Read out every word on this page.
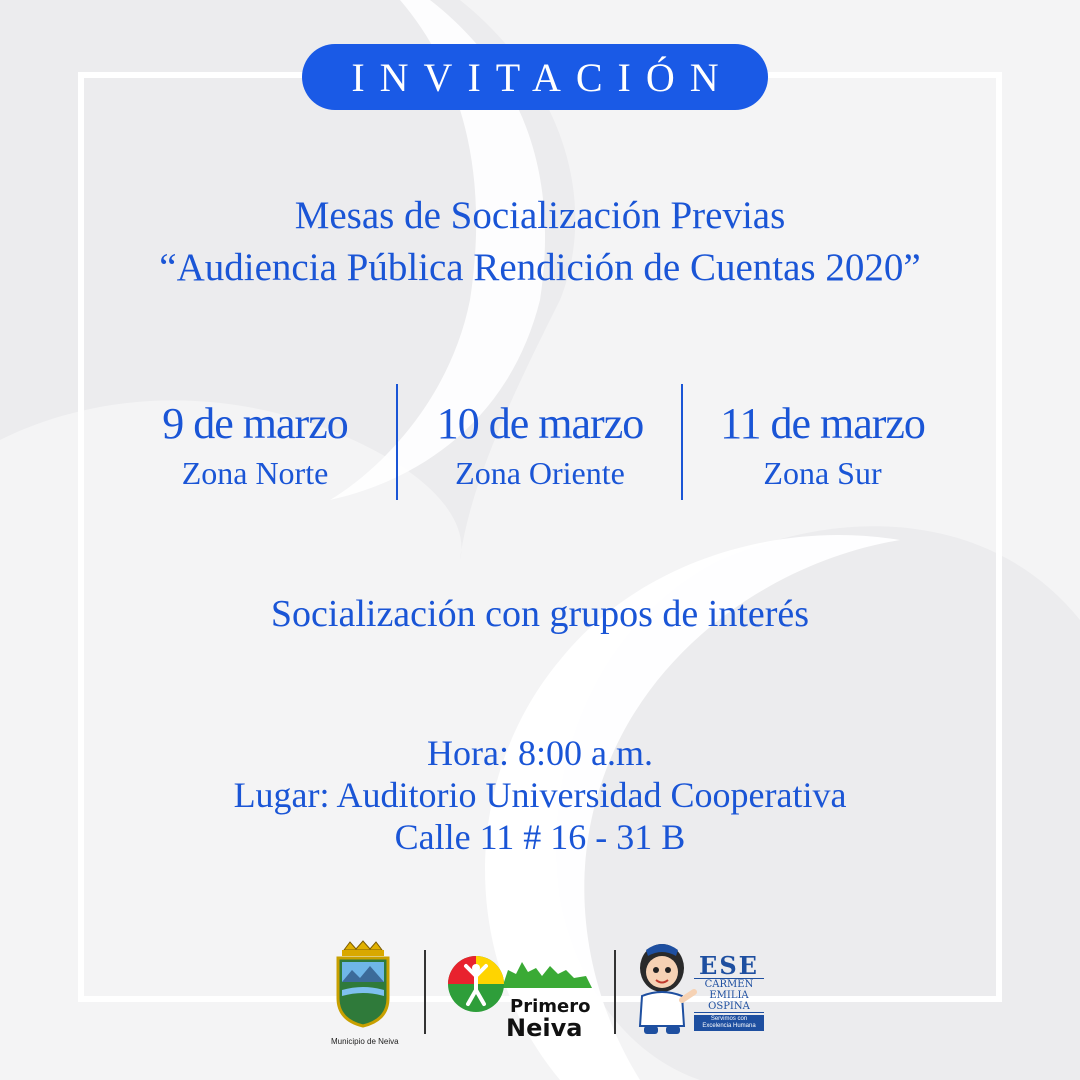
INVITACIÓN
Mesas de Socialización Previas
“Audiencia Pública Rendición de Cuentas 2020”
9 de marzo
Zona Norte
10 de marzo
Zona Oriente
11 de marzo
Zona Sur
Socialización con grupos de interés
Hora: 8:00 a.m.
Lugar: Auditorio Universidad Cooperativa
Calle 11 # 16 - 31 B
Municipio de Neiva
Primero
Neiva
ESE
CARMEN
EMILIA
OSPINA
Servimos con
Excelencia Humana
